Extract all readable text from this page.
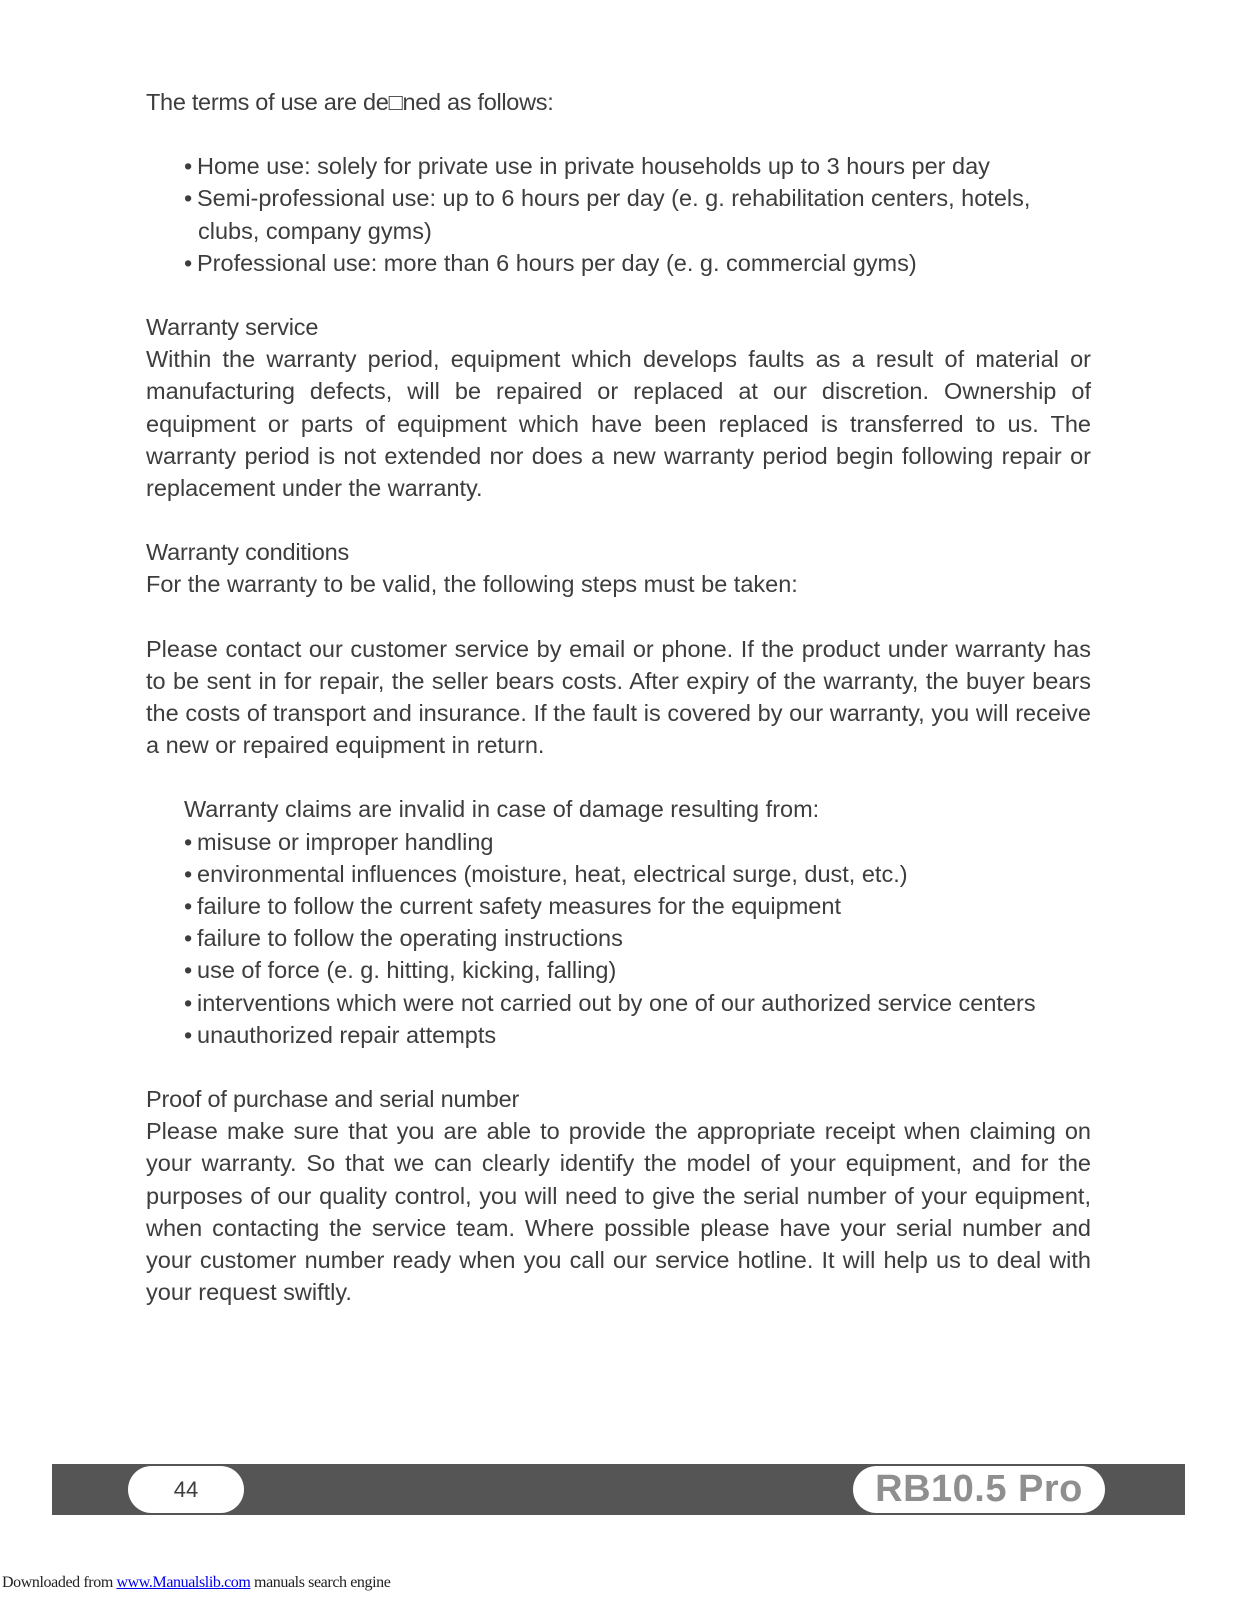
The terms of use are de□ned as follows:

• Home use: solely for private use in private households up to 3 hours per day
• Semi-professional use: up to 6 hours per day (e. g. rehabilitation centers, hotels, clubs, company gyms)
• Professional use: more than 6 hours per day (e. g. commercial gyms)
Warranty service

Within the warranty period, equipment which develops faults as a result of material or manufacturing defects, will be repaired or replaced at our discretion. Ownership of equipment or parts of equipment which have been replaced is transferred to us. The warranty period is not extended nor does a new warranty period begin following repair or replacement under the warranty.

Warranty conditions

For the warranty to be valid, the following steps must be taken:

Please contact our customer service by email or phone. If the product under warranty has to be sent in for repair, the seller bears costs. After expiry of the warranty, the buyer bears the costs of transport and insurance. If the fault is covered by our warranty, you will receive a new or repaired equipment in return.

Warranty claims are invalid in case of damage resulting from:

• misuse or improper handling
• environmental influences (moisture, heat, electrical surge, dust, etc.)
• failure to follow the current safety measures for the equipment
• failure to follow the operating instructions
• use of force (e. g. hitting, kicking, falling)
• interventions which were not carried out by one of our authorized service centers
• unauthorized repair attempts
Proof of purchase and serial number

Please make sure that you are able to provide the appropriate receipt when claiming on your warranty. So that we can clearly identify the model of your equipment, and for the purposes of our quality control, you will need to give the serial number of your equipment, when contacting the service team. Where possible please have your serial number and your customer number ready when you call our service hotline. It will help us to deal with your request swiftly.

44	RB10.5 Pro
Downloaded from www.Manualslib.com manuals search engine
